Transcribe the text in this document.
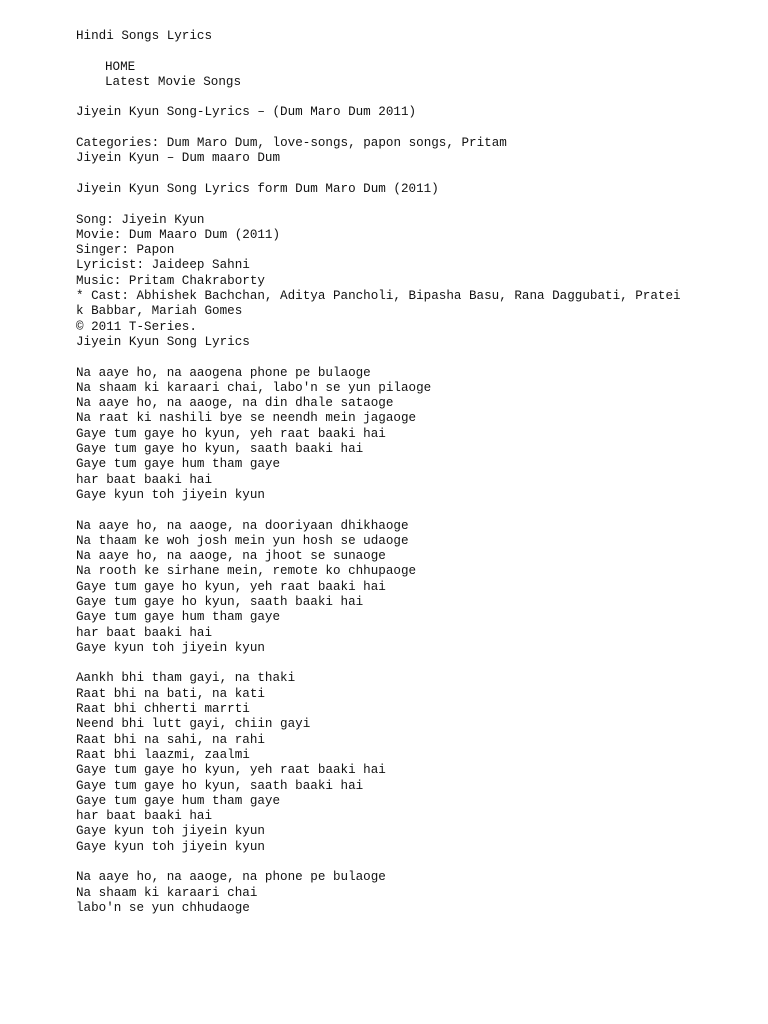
Hindi Songs Lyrics
HOME
Latest Movie Songs
Jiyein Kyun Song-Lyrics – (Dum Maro Dum 2011)
Categories: Dum Maro Dum, love-songs, papon songs, Pritam
Jiyein Kyun – Dum maaro Dum
Jiyein Kyun Song Lyrics form Dum Maro Dum (2011)
Song: Jiyein Kyun
Movie: Dum Maaro Dum (2011)
Singer: Papon
Lyricist: Jaideep Sahni
Music: Pritam Chakraborty
* Cast: Abhishek Bachchan, Aditya Pancholi, Bipasha Basu, Rana Daggubati, Pratei
k Babbar, Mariah Gomes
© 2011 T-Series.
Jiyein Kyun Song Lyrics
Na aaye ho, na aaogena phone pe bulaoge
Na shaam ki karaari chai, labo'n se yun pilaoge
Na aaye ho, na aaoge, na din dhale sataoge
Na raat ki nashili bye se neendh mein jagaoge
Gaye tum gaye ho kyun, yeh raat baaki hai
Gaye tum gaye ho kyun, saath baaki hai
Gaye tum gaye hum tham gaye
har baat baaki hai
Gaye kyun toh jiyein kyun
Na aaye ho, na aaoge, na dooriyaan dhikhaoge
Na thaam ke woh josh mein yun hosh se udaoge
Na aaye ho, na aaoge, na jhoot se sunaoge
Na rooth ke sirhane mein, remote ko chhupaoge
Gaye tum gaye ho kyun, yeh raat baaki hai
Gaye tum gaye ho kyun, saath baaki hai
Gaye tum gaye hum tham gaye
har baat baaki hai
Gaye kyun toh jiyein kyun
Aankh bhi tham gayi, na thaki
Raat bhi na bati, na kati
Raat bhi chherti marrti
Neend bhi lutt gayi, chiin gayi
Raat bhi na sahi, na rahi
Raat bhi laazmi, zaalmi
Gaye tum gaye ho kyun, yeh raat baaki hai
Gaye tum gaye ho kyun, saath baaki hai
Gaye tum gaye hum tham gaye
har baat baaki hai
Gaye kyun toh jiyein kyun
Gaye kyun toh jiyein kyun
Na aaye ho, na aaoge, na phone pe bulaoge
Na shaam ki karaari chai
labo'n se yun chhudaoge
